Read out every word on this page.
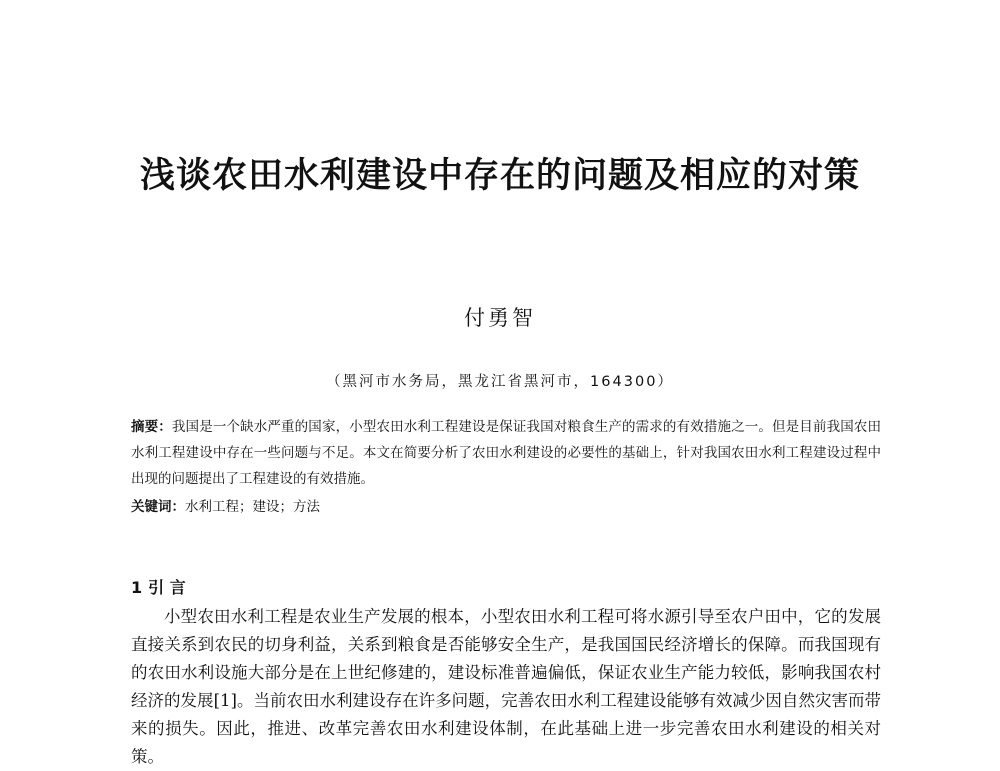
浅谈农田水利建设中存在的问题及相应的对策
付勇智
（黑河市水务局，黑龙江省黑河市，164300）
摘要：我国是一个缺水严重的国家，小型农田水利工程建设是保证我国对粮食生产的需求的有效措施之一。但是目前我国农田水利工程建设中存在一些问题与不足。本文在简要分析了农田水利建设的必要性的基础上，针对我国农田水利工程建设过程中出现的问题提出了工程建设的有效措施。
关键词：水利工程；建设；方法
1 引 言

小型农田水利工程是农业生产发展的根本，小型农田水利工程可将水源引导至农户田中，它的发展直接关系到农民的切身利益，关系到粮食是否能够安全生产，是我国国民经济增长的保障。而我国现有的农田水利设施大部分是在上世纪修建的，建设标准普遍偏低，保证农业生产能力较低，影响我国农村经济的发展[1]。当前农田水利建设存在许多问题，完善农田水利工程建设能够有效减少因自然灾害而带来的损失。因此，推进、改革完善农田水利建设体制，在此基础上进一步完善农田水利建设的相关对策。
